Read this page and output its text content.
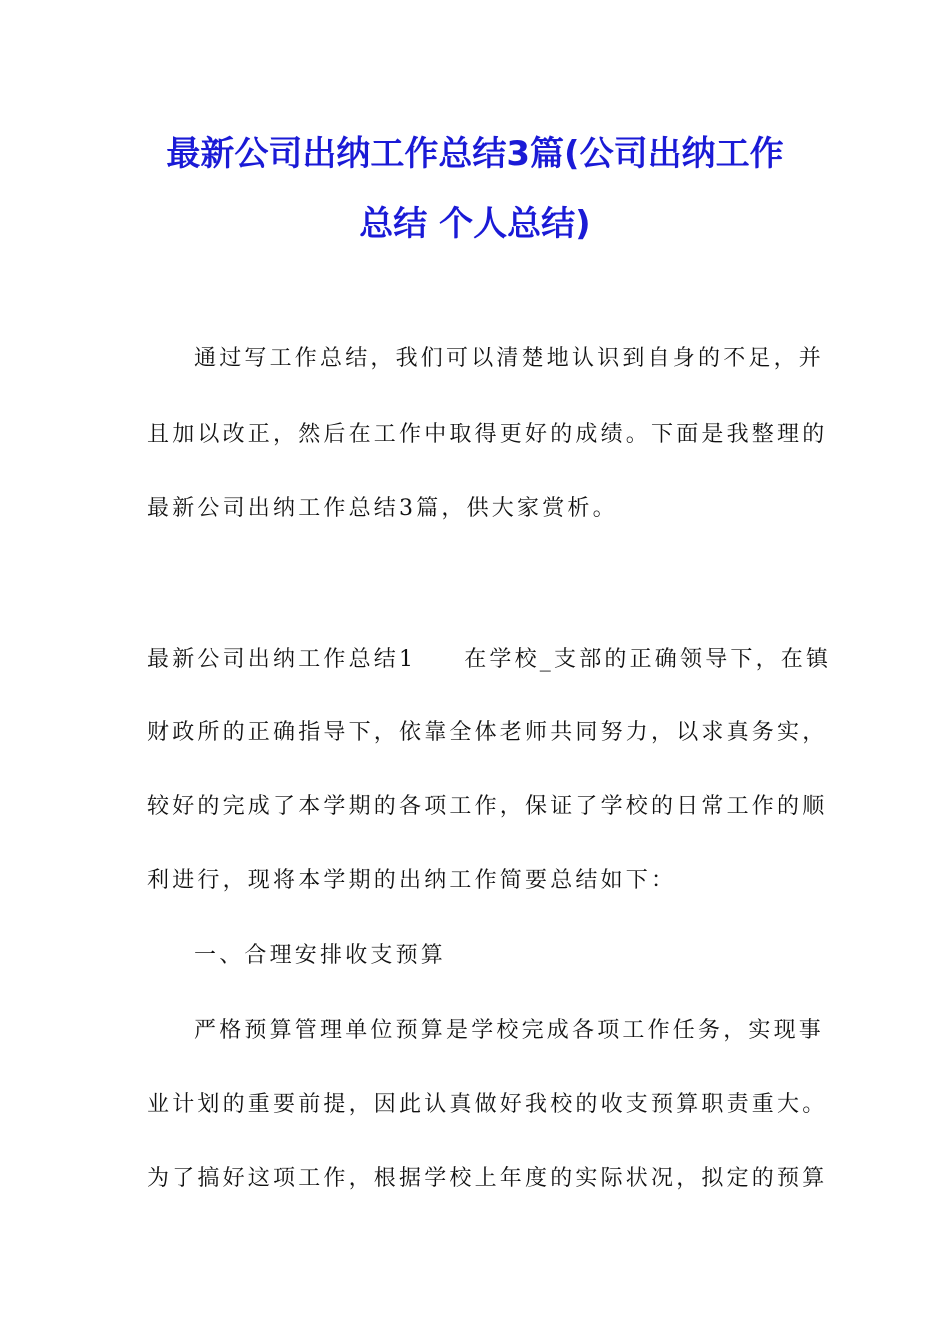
最新公司出纳工作总结3篇(公司出纳工作
总结 个人总结)
通过写工作总结，我们可以清楚地认识到自身的不足，并
且加以改正，然后在工作中取得更好的成绩。下面是我整理的
最新公司出纳工作总结3篇，供大家赏析。
最新公司出纳工作总结1 在学校_支部的正确领导下，在镇
财政所的正确指导下，依靠全体老师共同努力，以求真务实，
较好的完成了本学期的各项工作，保证了学校的日常工作的顺
利进行，现将本学期的出纳工作简要总结如下：
一、合理安排收支预算
严格预算管理单位预算是学校完成各项工作任务，实现事
业计划的重要前提，因此认真做好我校的收支预算职责重大。
为了搞好这项工作，根据学校上年度的实际状况，拟定的预算
